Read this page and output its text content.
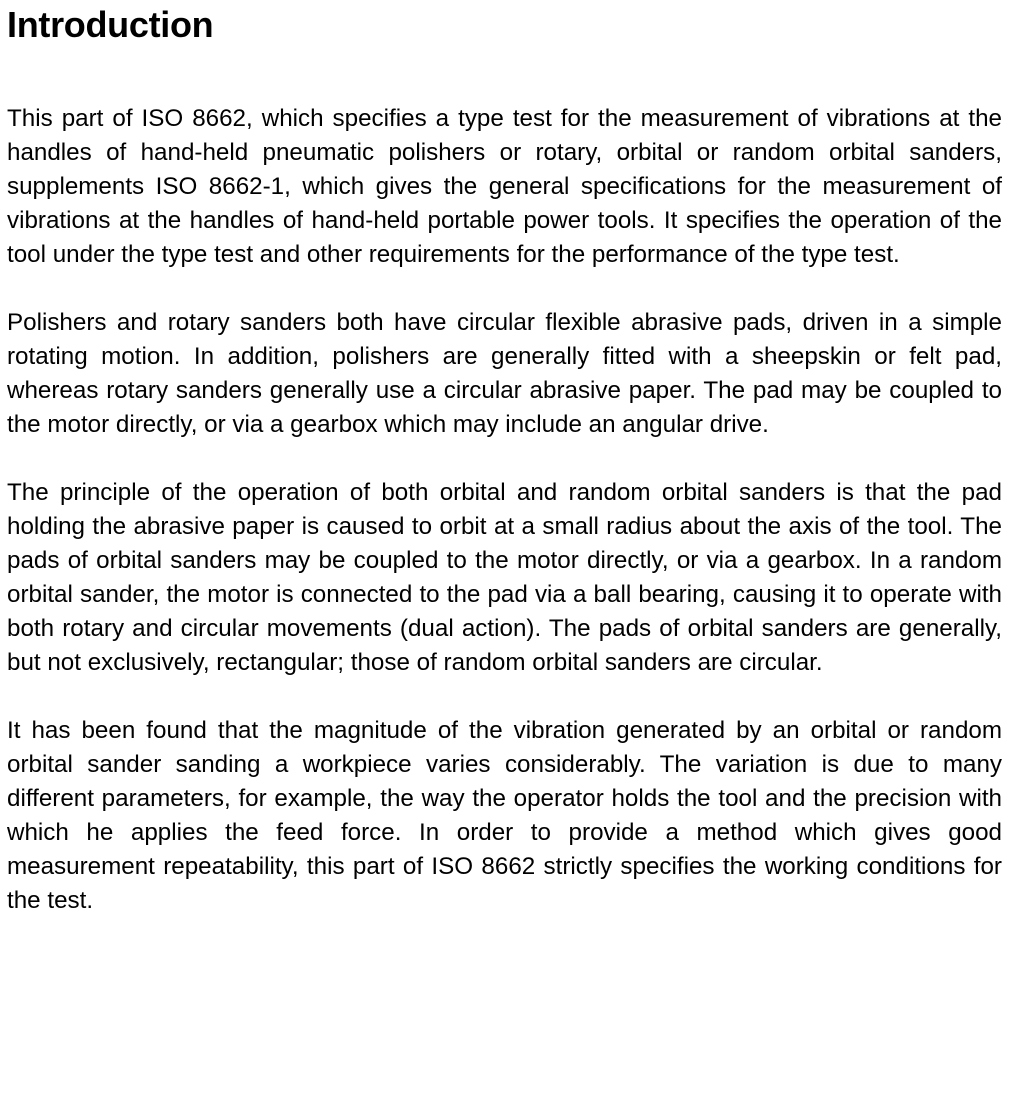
Introduction

This part of ISO 8662, which specifies a type test for the measurement of vibrations at the handles of hand-held pneumatic polishers or rotary, orbital or random orbital sanders, supplements ISO 8662-1, which gives the general specifications for the measurement of vibrations at the handles of hand-held portable power tools. It specifies the operation of the tool under the type test and other requirements for the performance of the type test.

Polishers and rotary sanders both have circular flexible abrasive pads, driven in a simple rotating motion. In addition, polishers are generally fitted with a sheepskin or felt pad, whereas rotary sanders generally use a circular abrasive paper. The pad may be coupled to the motor directly, or via a gearbox which may include an angular drive.

The principle of the operation of both orbital and random orbital sanders is that the pad holding the abrasive paper is caused to orbit at a small radius about the axis of the tool. The pads of orbital sanders may be coupled to the motor directly, or via a gearbox. In a random orbital sander, the motor is connected to the pad via a ball bearing, causing it to operate with both rotary and circular movements (dual action). The pads of orbital sanders are generally, but not exclusively, rectangular; those of random orbital sanders are circular.

It has been found that the magnitude of the vibration generated by an orbital or random orbital sander sanding a workpiece varies considerably. The variation is due to many different parameters, for example, the way the operator holds the tool and the precision with which he applies the feed force. In order to provide a method which gives good measurement repeatability, this part of ISO 8662 strictly specifies the working conditions for the test.
